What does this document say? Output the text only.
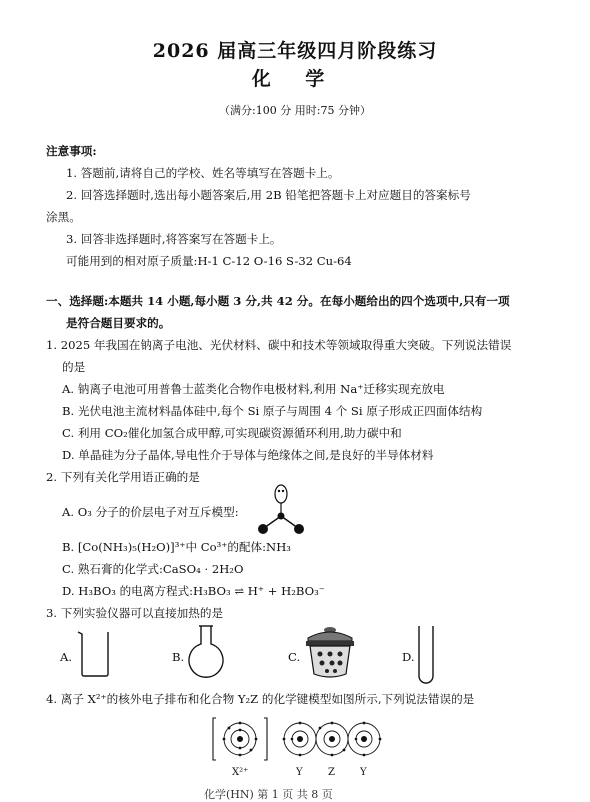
2026 届高三年级四月阶段练习
化 学
（满分:100 分 用时:75 分钟）
注意事项:
1. 答题前,请将自己的学校、姓名等填写在答题卡上。
2. 回答选择题时,选出每小题答案后,用 2B 铅笔把答题卡上对应题目的答案标号
涂黑。
3. 回答非选择题时,将答案写在答题卡上。
可能用到的相对原子质量:H-1 C-12 O-16 S-32 Cu-64
一、选择题:本题共 14 小题,每小题 3 分,共 42 分。在每小题给出的四个选项中,只有一项
是符合题目要求的。
1. 2025 年我国在钠离子电池、光伏材料、碳中和技术等领域取得重大突破。下列说法错误
的是
A. 钠离子电池可用普鲁士蓝类化合物作电极材料,利用 Na⁺迁移实现充放电
B. 光伏电池主流材料晶体硅中,每个 Si 原子与周围 4 个 Si 原子形成正四面体结构
C. 利用 CO₂催化加氢合成甲醇,可实现碳资源循环利用,助力碳中和
D. 单晶硅为分子晶体,导电性介于导体与绝缘体之间,是良好的半导体材料
2. 下列有关化学用语正确的是
A. O₃ 分子的价层电子对互斥模型:
B. [Co(NH₃)₅(H₂O)]³⁺中 Co³⁺的配体:NH₃
C. 熟石膏的化学式:CaSO₄ · 2H₂O
D. H₃BO₃ 的电离方程式:H₃BO₃ ⇌ H⁺ + H₂BO₃⁻
3. 下列实验仪器可以直接加热的是
A.	B.	C.	D.
4. 离子 X²⁺的核外电子排布和化合物 Y₂Z 的化学键模型如图所示,下列说法错误的是
X²⁺	Y	Z	Y
化学(HN) 第 1 页 共 8 页
